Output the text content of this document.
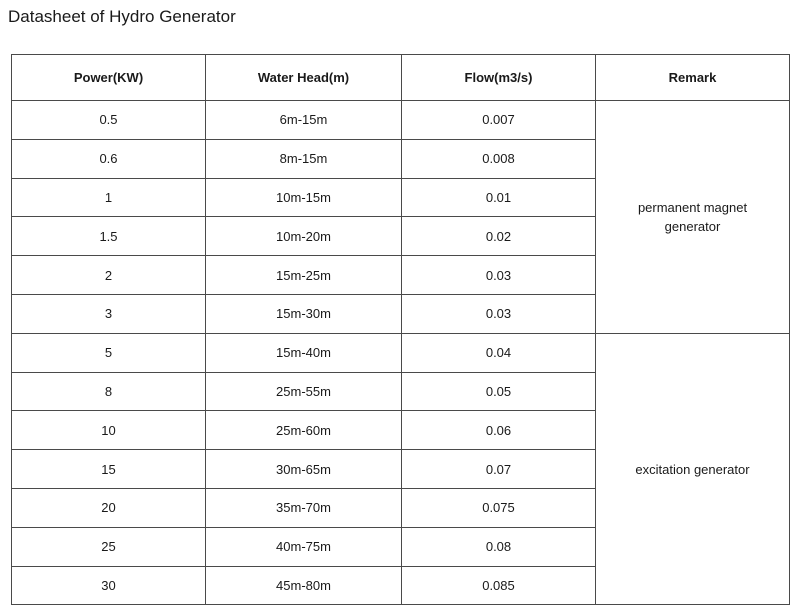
Datasheet of Hydro Generator
Power(KW)	Water Head(m)	Flow(m3/s)	Remark
0.5	6m-15m	0.007	permanent magnet generator
0.6	8m-15m	0.008	
1	10m-15m	0.01	
1.5	10m-20m	0.02	
2	15m-25m	0.03	
3	15m-30m	0.03	
5	15m-40m	0.04	excitation generator
8	25m-55m	0.05	
10	25m-60m	0.06	
15	30m-65m	0.07	
20	35m-70m	0.075	
25	40m-75m	0.08	
30	45m-80m	0.085	
